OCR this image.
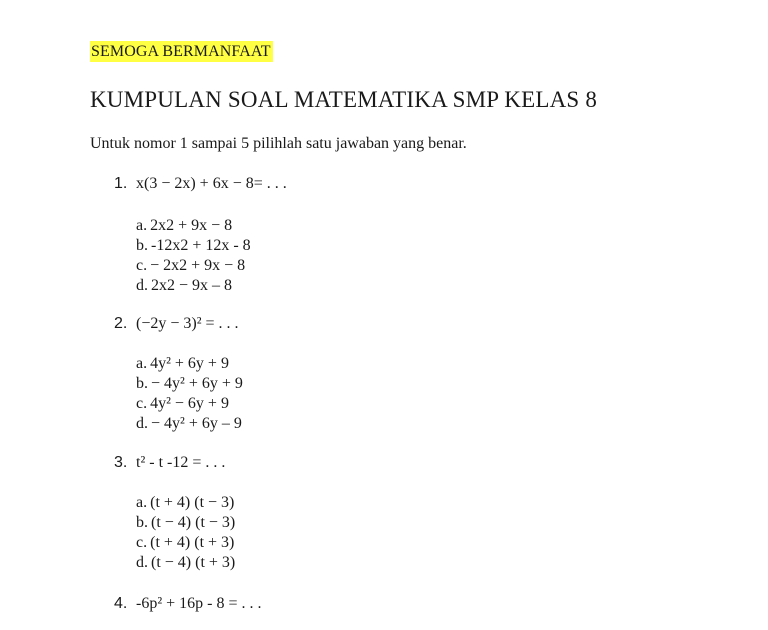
SEMOGA BERMANFAAT
KUMPULAN SOAL MATEMATIKA SMP KELAS 8
Untuk nomor 1 sampai 5 pilihlah satu jawaban yang benar.
1. x(3 − 2x) + 6x − 8= . . .
a. 2x2 + 9x − 8
b. -12x2 + 12x - 8
c. − 2x2 + 9x − 8
d. 2x2 − 9x – 8
2. (−2y − 3)² = . . .
a. 4y² + 6y + 9
b. − 4y² + 6y + 9
c. 4y² − 6y + 9
d. − 4y² + 6y – 9
3. t² - t -12 = . . .
a. (t + 4) (t − 3)
b. (t − 4) (t − 3)
c. (t + 4) (t + 3)
d. (t − 4) (t + 3)
4. -6p² + 16p - 8 = . . .
